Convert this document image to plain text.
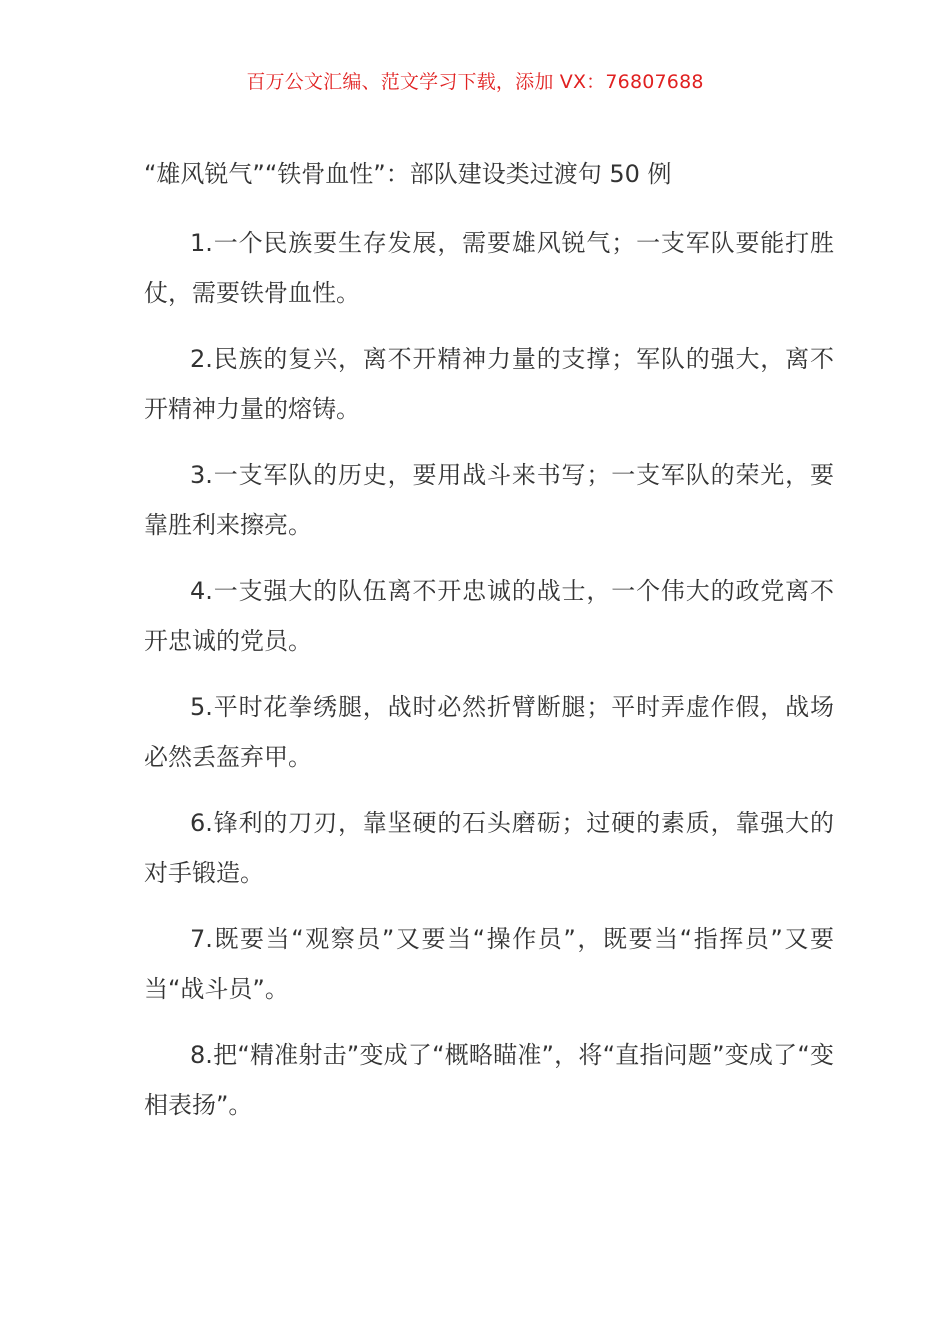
百万公文汇编、范文学习下载，添加 VX：76807688
“雄风锐气”“铁骨血性”：部队建设类过渡句 50 例

1.一个民族要生存发展，需要雄风锐气；一支军队要能打胜仗，需要铁骨血性。

2.民族的复兴，离不开精神力量的支撑；军队的强大，离不开精神力量的熔铸。

3.一支军队的历史，要用战斗来书写；一支军队的荣光，要靠胜利来擦亮。

4.一支强大的队伍离不开忠诚的战士，一个伟大的政党离不开忠诚的党员。

5.平时花拳绣腿，战时必然折臂断腿；平时弄虚作假，战场必然丢盔弃甲。

6.锋利的刀刃，靠坚硬的石头磨砺；过硬的素质，靠强大的对手锻造。

7.既要当“观察员”又要当“操作员”，既要当“指挥员”又要当“战斗员”。

8.把“精准射击”变成了“概略瞄准”，将“直指问题”变成了“变相表扬”。
